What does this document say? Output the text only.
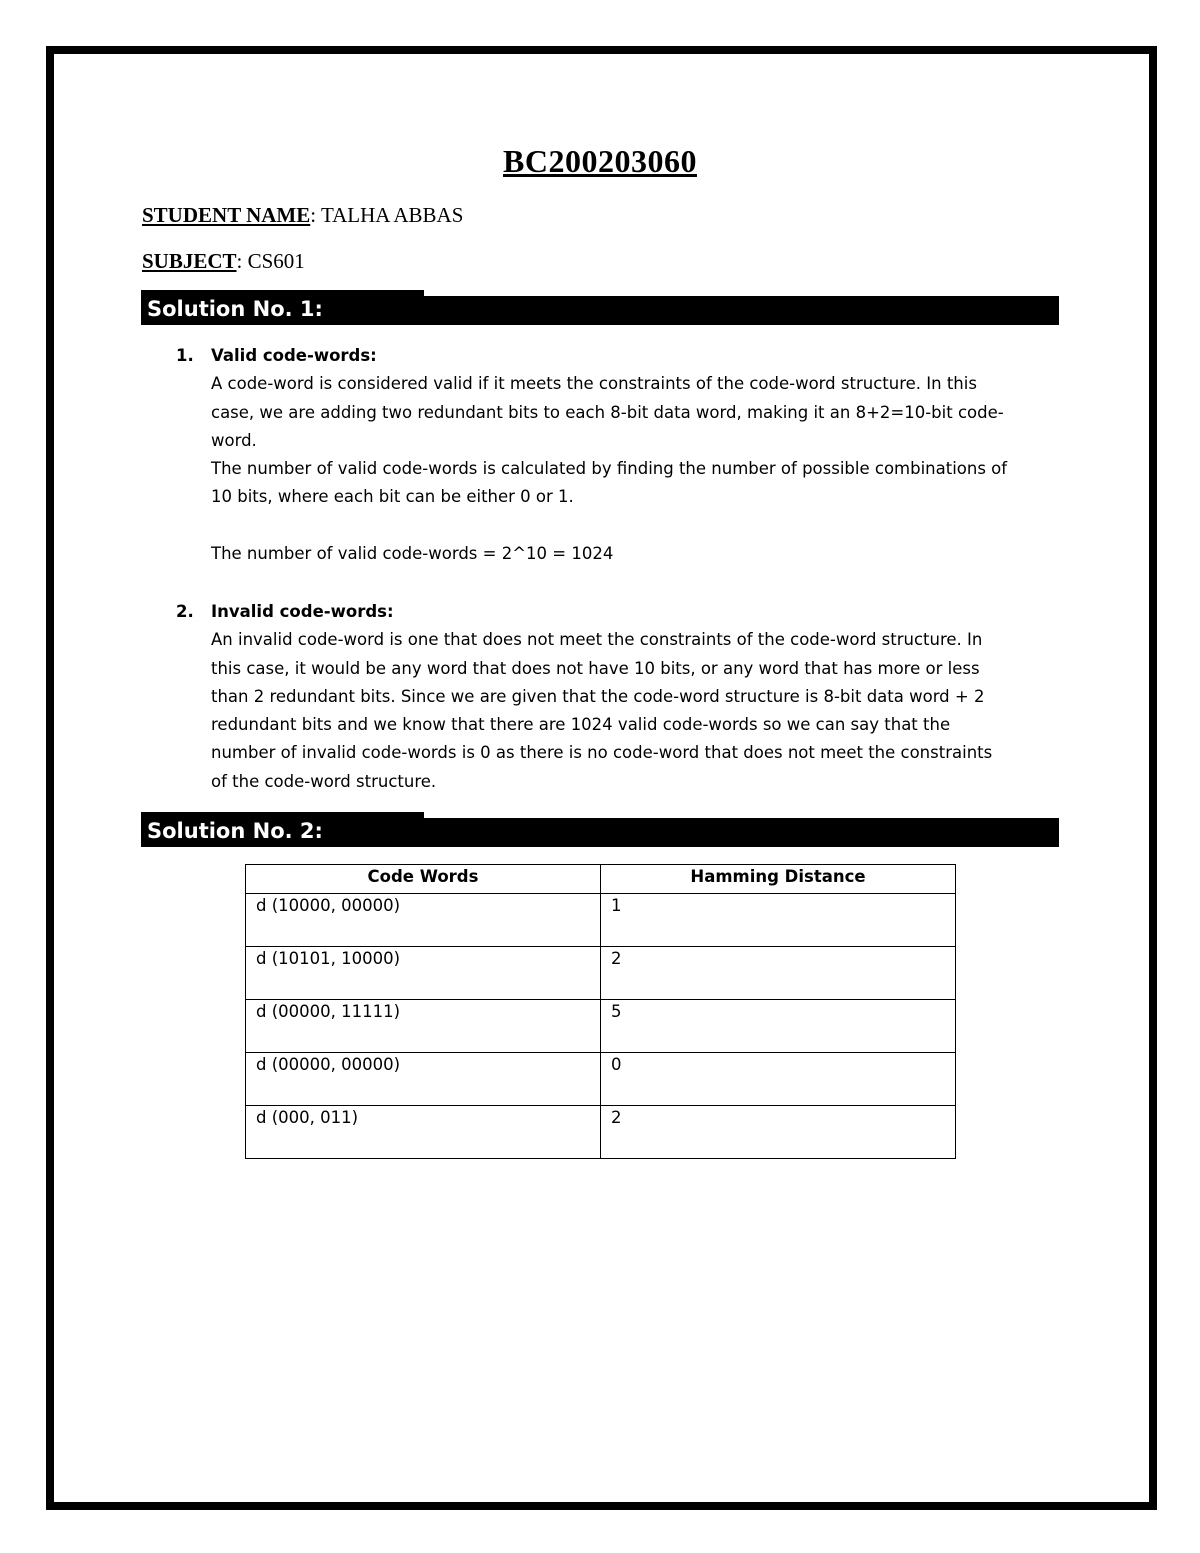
BC200203060
STUDENT NAME: TALHA ABBAS
SUBJECT: CS601
Solution No. 1:
1. Valid code-words:
A code-word is considered valid if it meets the constraints of the code-word structure. In this
case, we are adding two redundant bits to each 8-bit data word, making it an 8+2=10-bit code-
word.
The number of valid code-words is calculated by finding the number of possible combinations of
10 bits, where each bit can be either 0 or 1.
The number of valid code-words = 2^10 = 1024
2. Invalid code-words:
An invalid code-word is one that does not meet the constraints of the code-word structure. In
this case, it would be any word that does not have 10 bits, or any word that has more or less
than 2 redundant bits. Since we are given that the code-word structure is 8-bit data word + 2
redundant bits and we know that there are 1024 valid code-words so we can say that the
number of invalid code-words is 0 as there is no code-word that does not meet the constraints
of the code-word structure.
Solution No. 2:
Code Words	Hamming Distance
d (10000, 00000)	1
d (10101, 10000)	2
d (00000, 11111)	5
d (00000, 00000)	0
d (000, 011)	2
